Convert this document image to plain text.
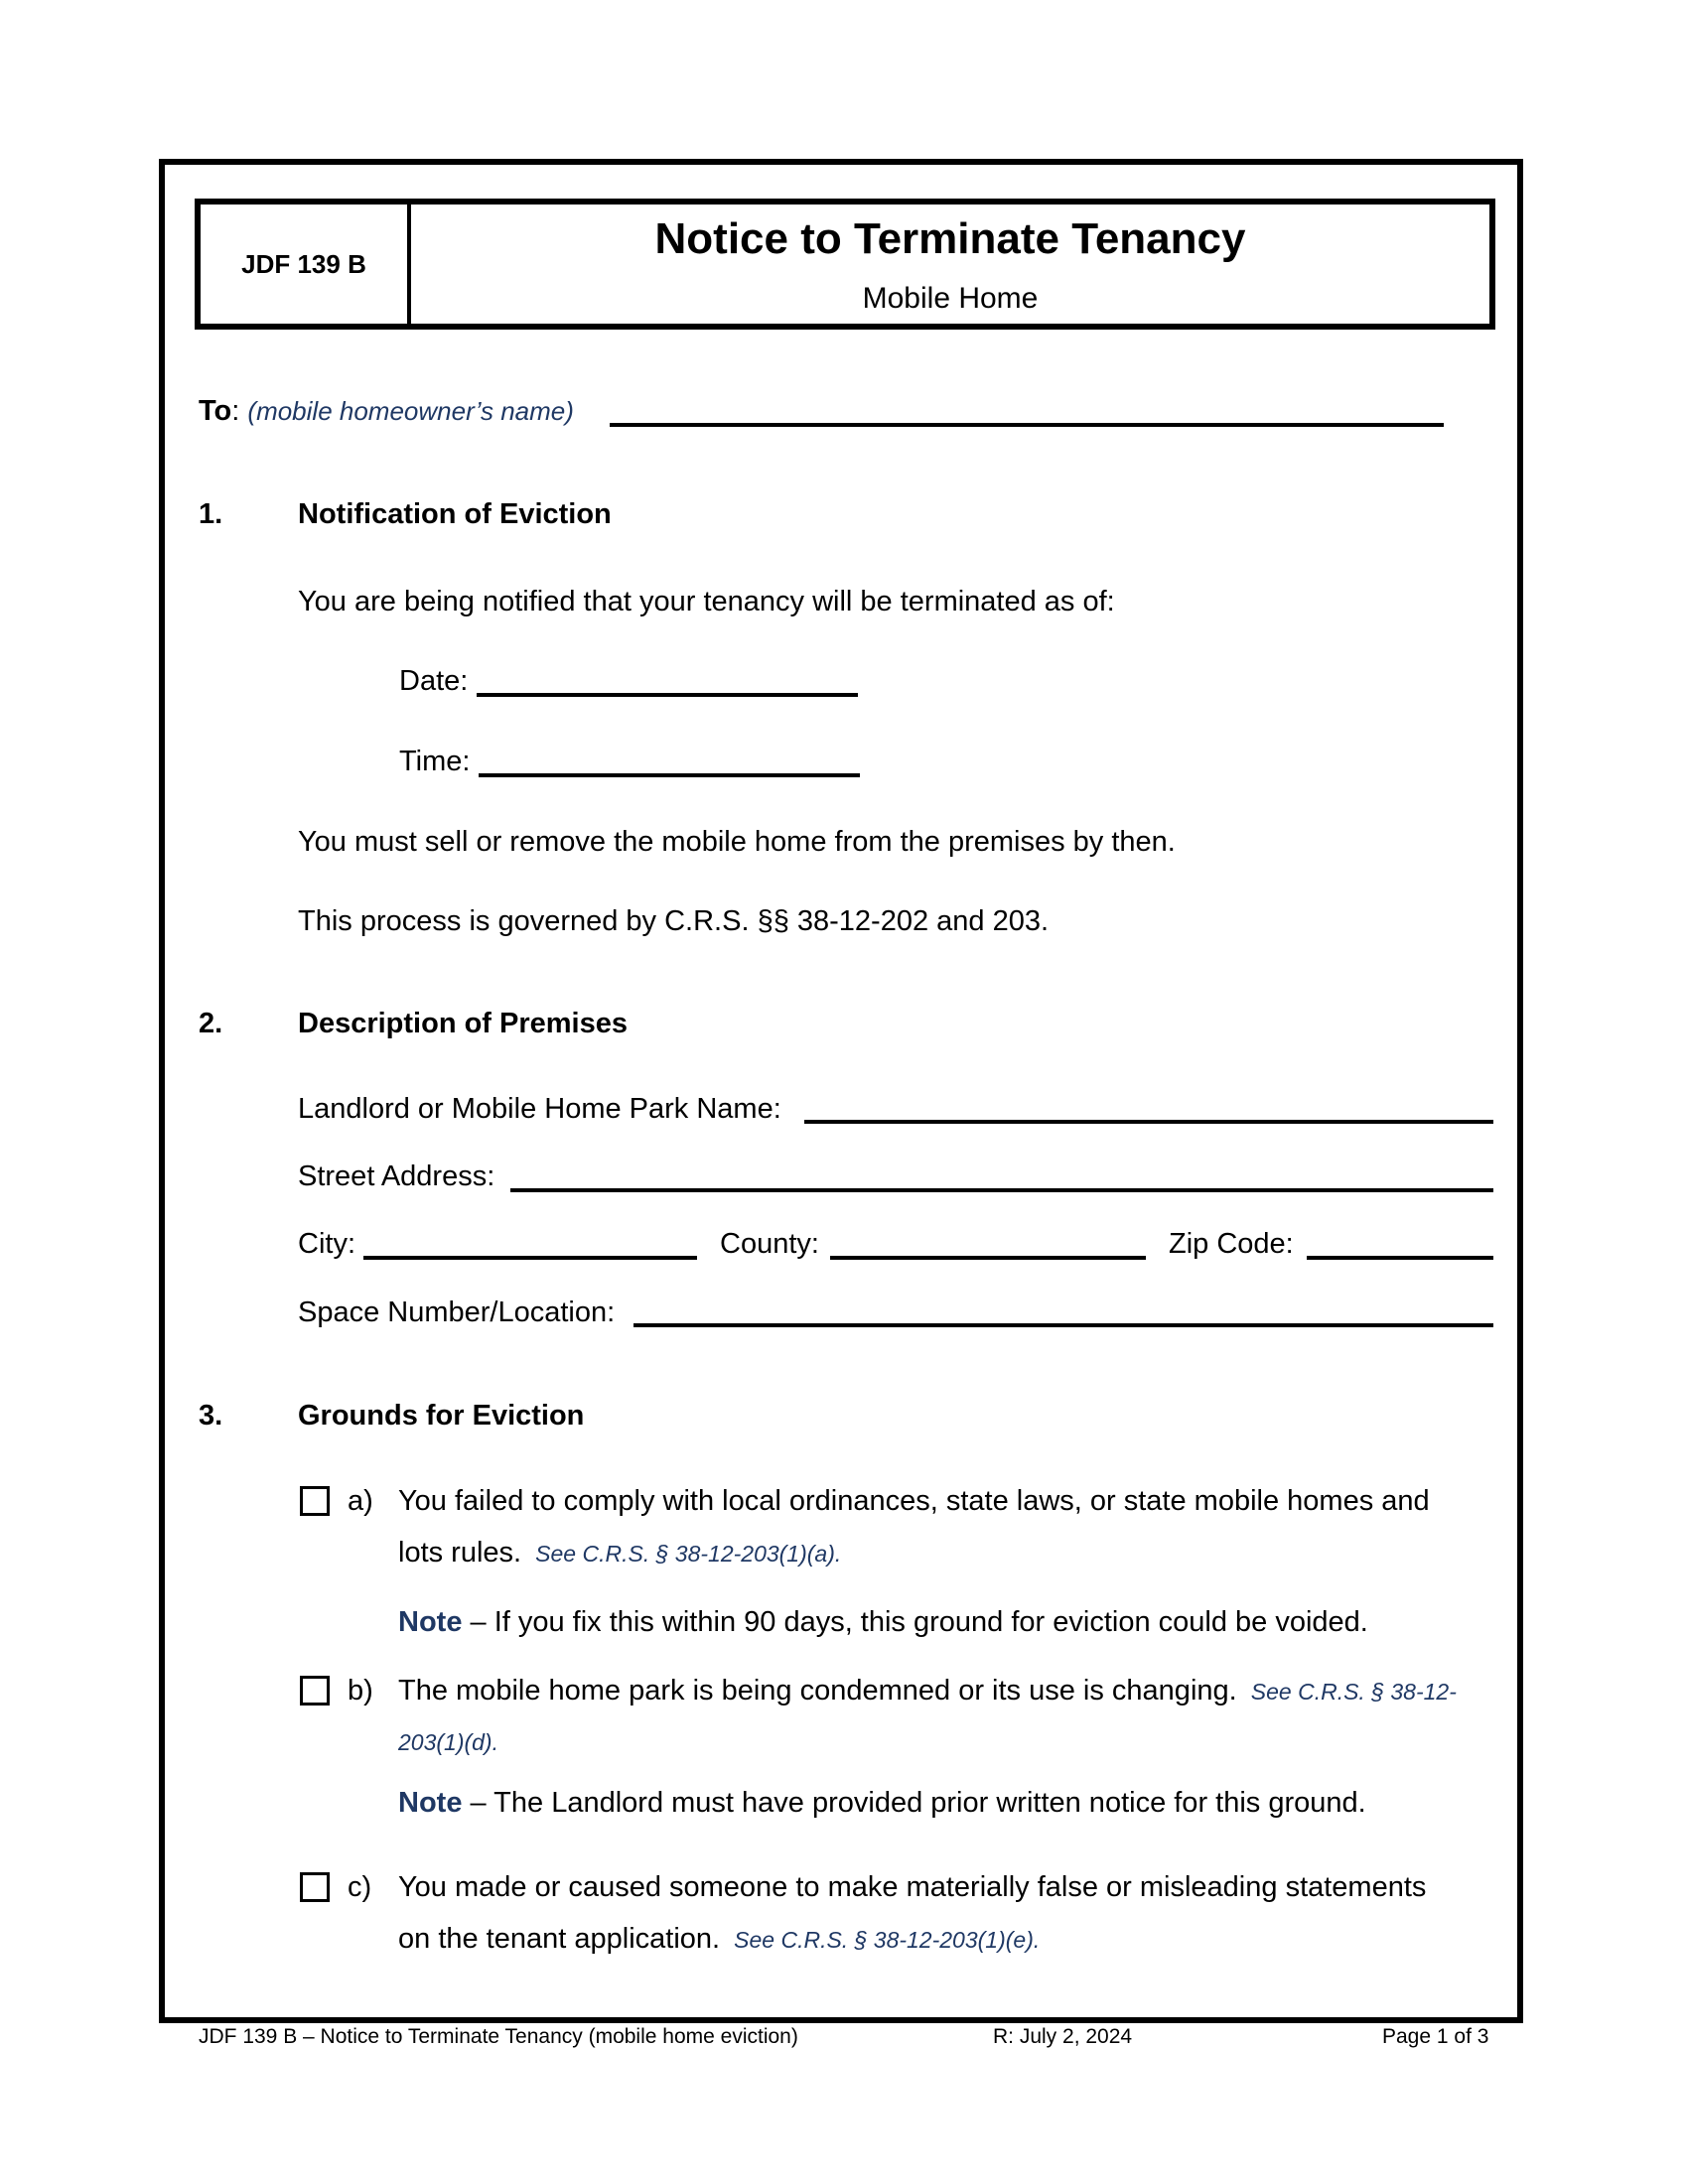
JDF 139 B
Notice to Terminate Tenancy
Mobile Home
To: (mobile homeowner’s name)
1.	Notification of Eviction
You are being notified that your tenancy will be terminated as of:
Date:
Time:
You must sell or remove the mobile home from the premises by then.
This process is governed by C.R.S. §§ 38-12-202 and 203.
2.	Description of Premises
Landlord or Mobile Home Park Name:
Street Address:
City:	County:	Zip Code:
Space Number/Location:
3.	Grounds for Eviction
a) You failed to comply with local ordinances, state laws, or state mobile homes and
lots rules. See C.R.S. § 38-12-203(1)(a).
Note – If you fix this within 90 days, this ground for eviction could be voided.
b) The mobile home park is being condemned or its use is changing. See C.R.S. § 38-12-
203(1)(d).
Note – The Landlord must have provided prior written notice for this ground.
c) You made or caused someone to make materially false or misleading statements
on the tenant application. See C.R.S. § 38-12-203(1)(e).
JDF 139 B – Notice to Terminate Tenancy (mobile home eviction)	R: July 2, 2024	Page 1 of 3
